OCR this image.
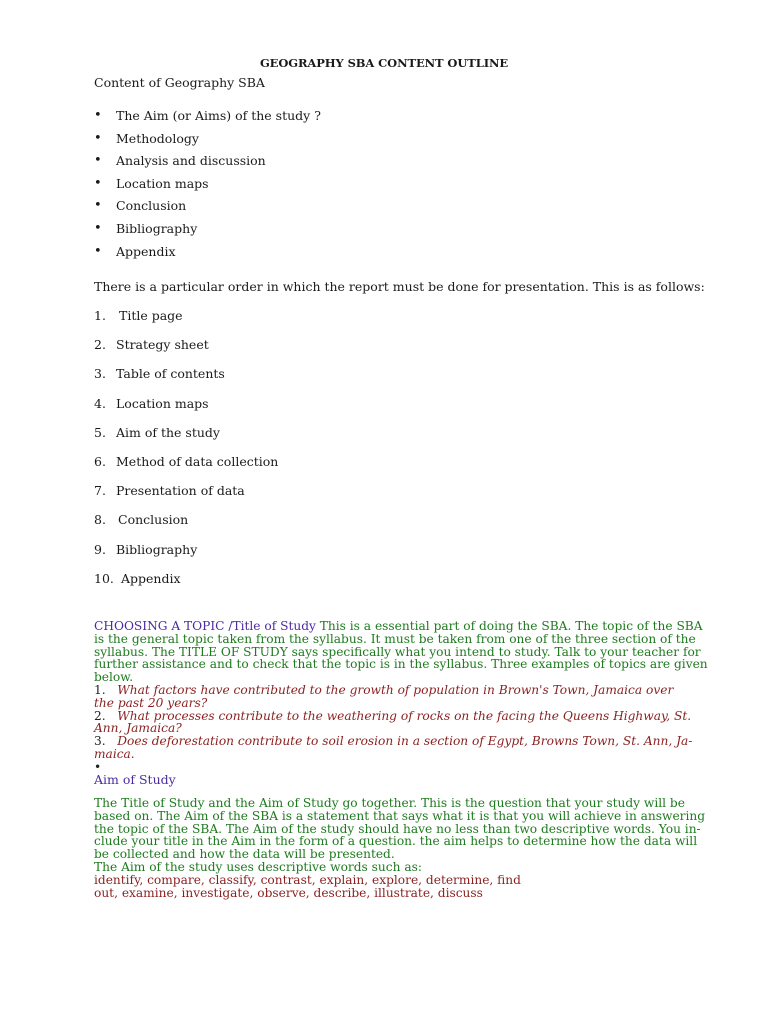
GEOGRAPHY SBA CONTENT OUTLINE
Content of Geography SBA
• The Aim (or Aims) of the study ?
• Methodology
• Analysis and discussion
• Location maps
• Conclusion
• Bibliography
• Appendix
There is a particular order in which the report must be done for presentation. This is as follows:
1. Title page
2. Strategy sheet
3. Table of contents
4. Location maps
5. Aim of the study
6. Method of data collection
7. Presentation of data
8. Conclusion
9. Bibliography
10. Appendix
CHOOSING A TOPIC /Title of Study This is a essential part of doing the SBA. The topic of the SBA
is the general topic taken from the syllabus. It must be taken from one of the three section of the
syllabus. The TITLE OF STUDY says specifically what you intend to study. Talk to your teacher for
further assistance and to check that the topic is in the syllabus. Three examples of topics are given
below.
1. What factors have contributed to the growth of population in Brown's Town, Jamaica over
the past 20 years?
2. What processes contribute to the weathering of rocks on the facing the Queens Highway, St.
Ann, Jamaica?
3. Does deforestation contribute to soil erosion in a section of Egypt, Browns Town, St. Ann, Ja-
maica.
•
Aim of Study
The Title of Study and the Aim of Study go together. This is the question that your study will be
based on. The Aim of the SBA is a statement that says what it is that you will achieve in answering
the topic of the SBA. The Aim of the study should have no less than two descriptive words. You in-
clude your title in the Aim in the form of a question. the aim helps to determine how the data will
be collected and how the data will be presented.
The Aim of the study uses descriptive words such as:
identify, compare, classify, contrast, explain, explore, determine, find
out, examine, investigate, observe, describe, illustrate, discuss
